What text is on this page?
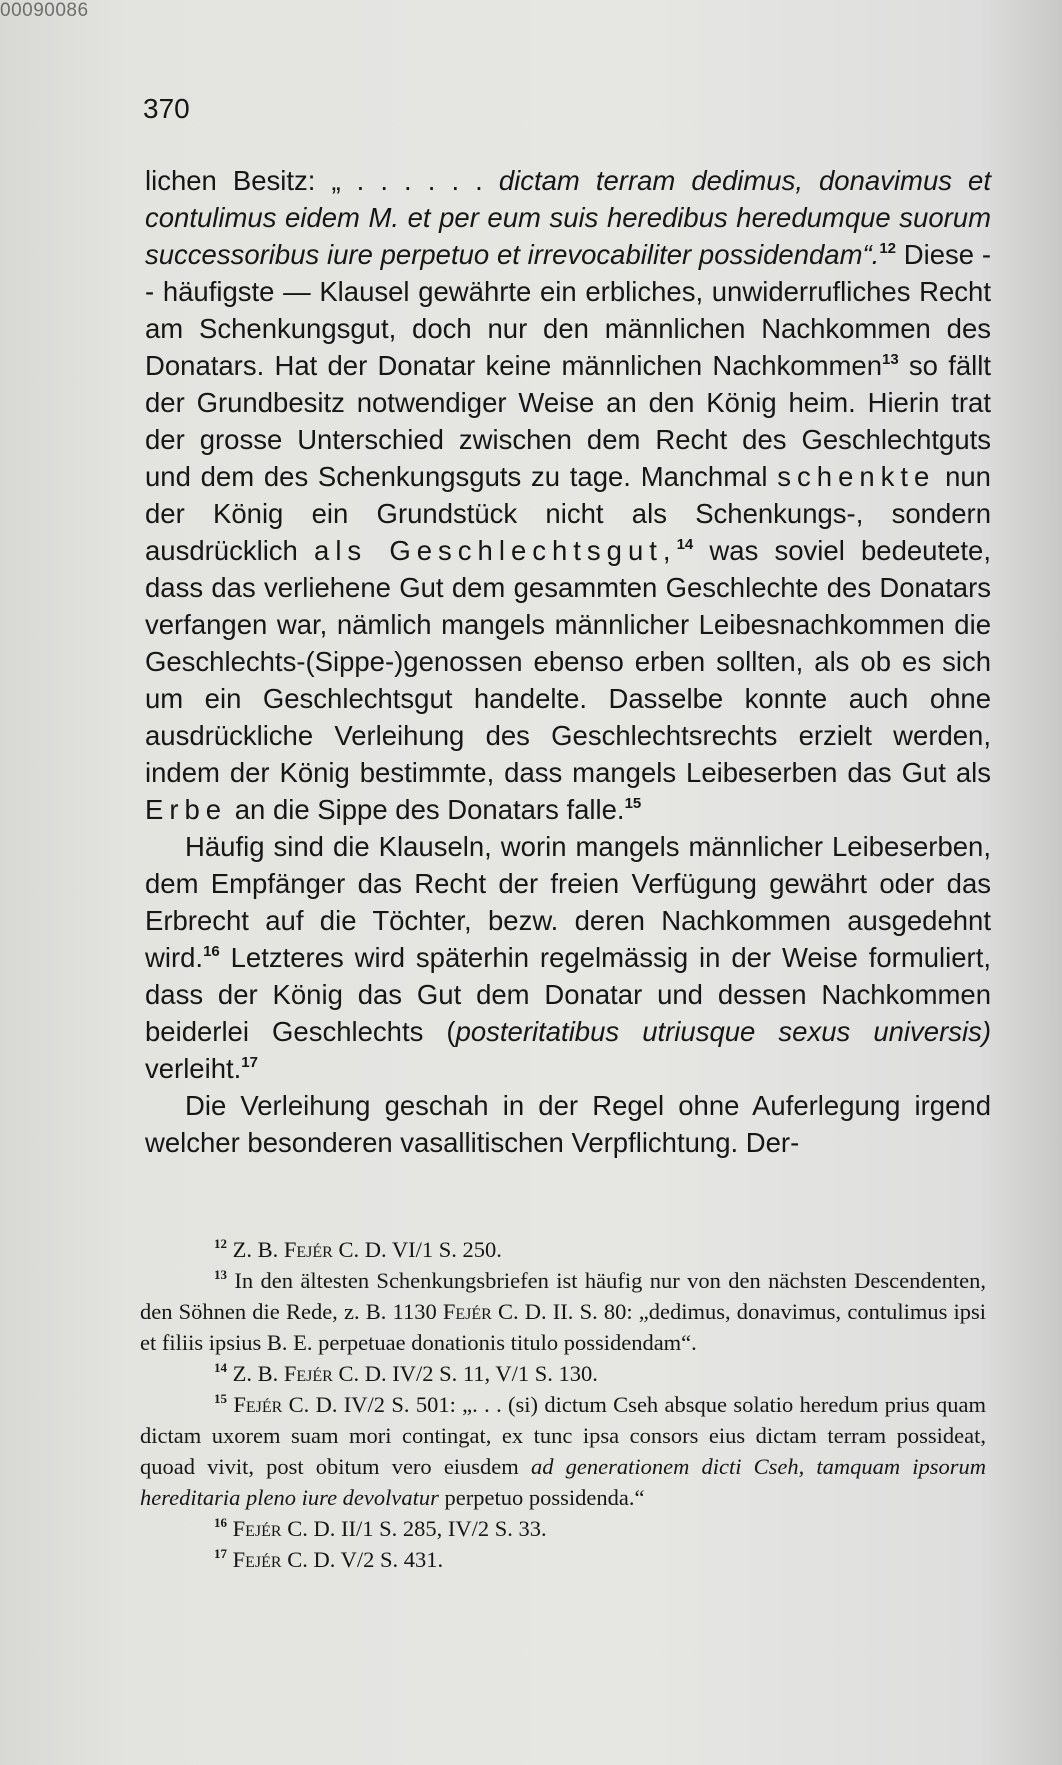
00090086
370

lichen Besitz: „ . . . . . . dictam terram dedimus, donavimus et contulimus eidem M. et per eum suis heredibus heredumque suorum successoribus iure perpetuo et irrevocabiliter possidendam“.$^{12}$ Diese -- häufigste — Klausel gewährte ein erbliches, unwiderrufliches Recht am Schenkungsgut, doch nur den männlichen Nachkommen des Donatars. Hat der Donatar keine männlichen Nachkommen$^{13}$ so fällt der Grundbesitz notwendiger Weise an den König heim. Hierin trat der grosse Unterschied zwischen dem Recht des Geschlechtguts und dem des Schenkungsguts zu tage. Manchmal schenkte nun der König ein Grundstück nicht als Schenkungs-, sondern ausdrücklich als Geschlechtsgut,$^{14}$ was soviel bedeutete, dass das verliehene Gut dem gesammten Geschlechte des Donatars verfangen war, nämlich mangels männlicher Leibesnachkommen die Geschlechts-(Sippe-)genossen ebenso erben sollten, als ob es sich um ein Geschlechtsgut handelte. Dasselbe konnte auch ohne ausdrückliche Verleihung des Geschlechtsrechts erzielt werden, indem der König bestimmte, dass mangels Leibeserben das Gut als Erbe an die Sippe des Donatars falle.$^{15}$

Häufig sind die Klauseln, worin mangels männlicher Leibeserben, dem Empfänger das Recht der freien Verfügung gewährt oder das Erbrecht auf die Töchter, bezw. deren Nachkommen ausgedehnt wird.$^{16}$ Letzteres wird späterhin regelmässig in der Weise formuliert, dass der König das Gut dem Donatar und dessen Nachkommen beiderlei Geschlechts (posteritatibus utriusque sexus universis) verleiht.$^{17}$

Die Verleihung geschah in der Regel ohne Auferlegung irgend welcher besonderen vasallitischen Verpflichtung. Der-

$^{12}$ Z. B. Fejér C. D. VI/1 S. 250.

$^{13}$ In den ältesten Schenkungsbriefen ist häufig nur von den nächsten Descendenten, den Söhnen die Rede, z. B. 1130 Fejér C. D. II. S. 80: „dedimus, donavimus, contulimus ipsi et filiis ipsius B. E. perpetuae donationis titulo possidendam“.

$^{14}$ Z. B. Fejér C. D. IV/2 S. 11, V/1 S. 130.

$^{15}$ Fejér C. D. IV/2 S. 501: „. . . (si) dictum Cseh absque solatio heredum prius quam dictam uxorem suam mori contingat, ex tunc ipsa consors eius dictam terram possideat, quoad vivit, post obitum vero eiusdem ad generationem dicti Cseh, tamquam ipsorum hereditaria pleno iure devolvatur perpetuo possidenda.“

$^{16}$ Fejér C. D. II/1 S. 285, IV/2 S. 33.

$^{17}$ Fejér C. D. V/2 S. 431.
